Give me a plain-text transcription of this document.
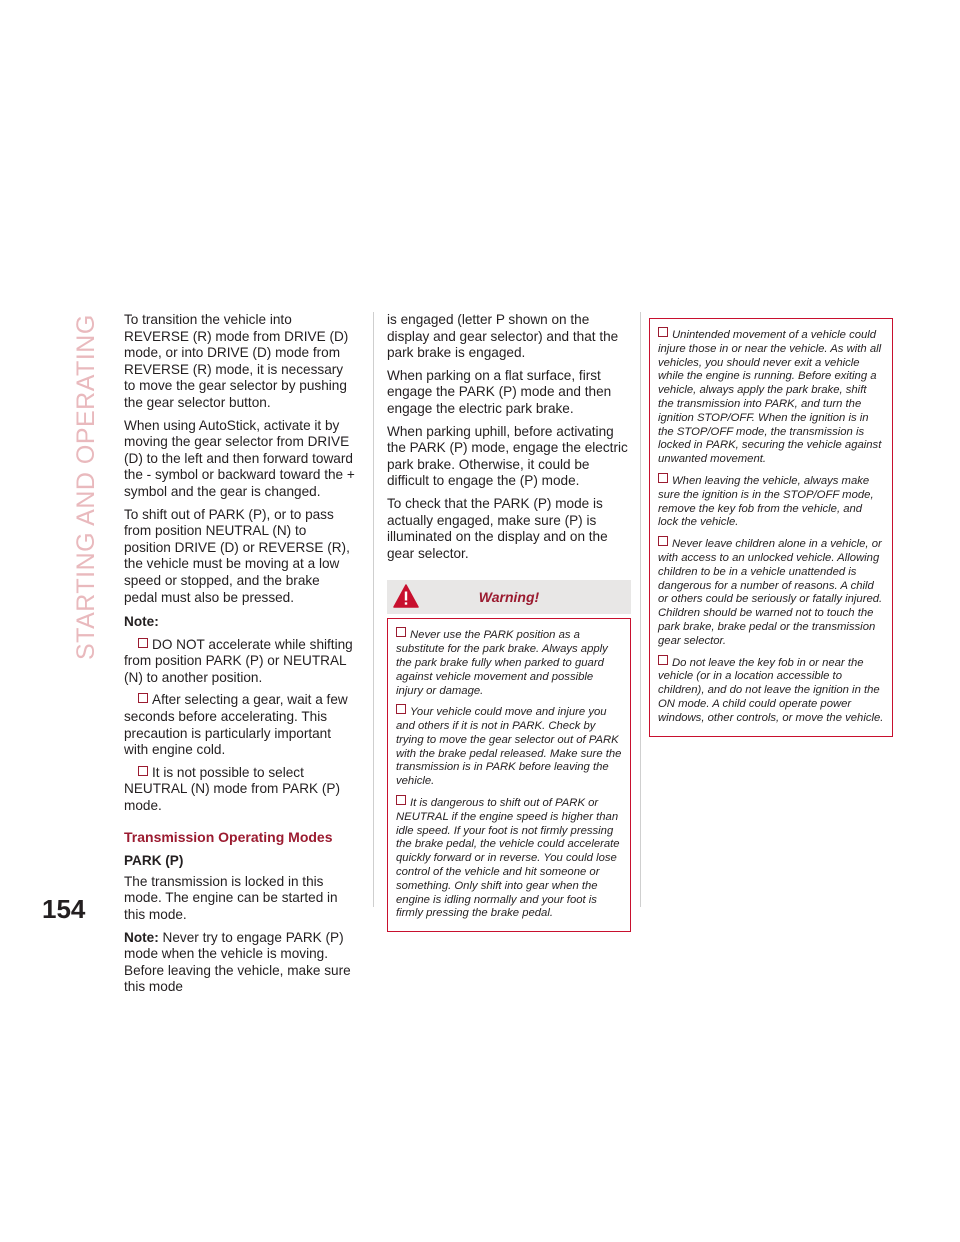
STARTING AND OPERATING
154

To transition the vehicle into REVERSE (R) mode from DRIVE (D) mode, or into DRIVE (D) mode from REVERSE (R) mode, it is necessary to move the gear selector by pushing the gear selector button.

When using AutoStick, activate it by moving the gear selector from DRIVE (D) to the left and then forward toward the - symbol or backward toward the + symbol and the gear is changed.

To shift out of PARK (P), or to pass from position NEUTRAL (N) to position DRIVE (D) or REVERSE (R), the vehicle must be moving at a low speed or stopped, and the brake pedal must also be pressed.

Note:

DO NOT accelerate while shifting from position PARK (P) or NEUTRAL (N) to another position.

After selecting a gear, wait a few seconds before accelerating. This precaution is particularly important with engine cold.

It is not possible to select NEUTRAL (N) mode from PARK (P) mode.

Transmission Operating Modes
PARK (P)

The transmission is locked in this mode. The engine can be started in this mode.

Note: Never try to engage PARK (P) mode when the vehicle is moving. Before leaving the vehicle, make sure this mode

is engaged (letter P shown on the display and gear selector) and that the park brake is engaged.

When parking on a flat surface, first engage the PARK (P) mode and then engage the electric park brake.

When parking uphill, before activating the PARK (P) mode, engage the electric park brake. Otherwise, it could be difficult to engage the (P) mode.

To check that the PARK (P) mode is actually engaged, make sure (P) is illuminated on the display and on the gear selector.

Warning!

Never use the PARK position as a substitute for the park brake. Always apply the park brake fully when parked to guard against vehicle movement and possible injury or damage.

Your vehicle could move and injure you and others if it is not in PARK. Check by trying to move the gear selector out of PARK with the brake pedal released. Make sure the transmission is in PARK before leaving the vehicle.

It is dangerous to shift out of PARK or NEUTRAL if the engine speed is higher than idle speed. If your foot is not firmly pressing the brake pedal, the vehicle could accelerate quickly forward or in reverse. You could lose control of the vehicle and hit someone or something. Only shift into gear when the engine is idling normally and your foot is firmly pressing the brake pedal.

Unintended movement of a vehicle could injure those in or near the vehicle. As with all vehicles, you should never exit a vehicle while the engine is running. Before exiting a vehicle, always apply the park brake, shift the transmission into PARK, and turn the ignition STOP/OFF. When the ignition is in the STOP/OFF mode, the transmission is locked in PARK, securing the vehicle against unwanted movement.

When leaving the vehicle, always make sure the ignition is in the STOP/OFF mode, remove the key fob from the vehicle, and lock the vehicle.

Never leave children alone in a vehicle, or with access to an unlocked vehicle. Allowing children to be in a vehicle unattended is dangerous for a number of reasons. A child or others could be seriously or fatally injured. Children should be warned not to touch the park brake, brake pedal or the transmission gear selector.

Do not leave the key fob in or near the vehicle (or in a location accessible to children), and do not leave the ignition in the ON mode. A child could operate power windows, other controls, or move the vehicle.
